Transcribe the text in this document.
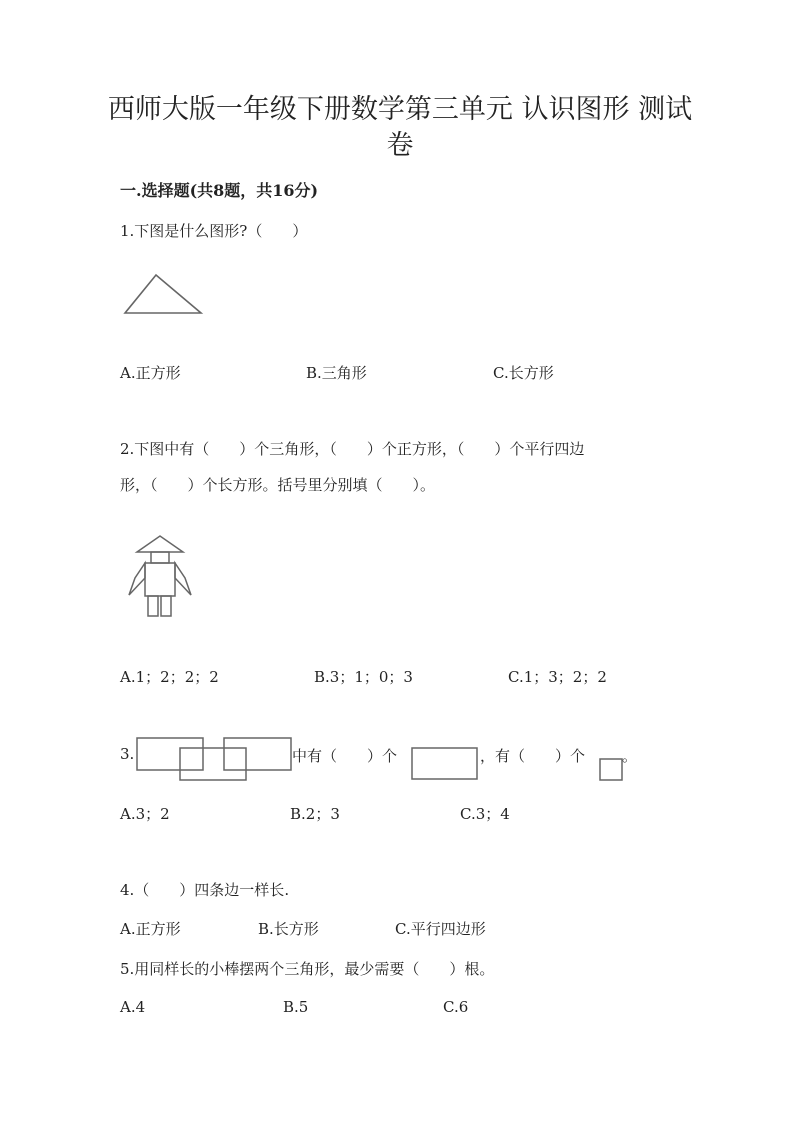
西师大版一年级下册数学第三单元 认识图形 测试卷
一.选择题(共8题，共16分)
1.下图是什么图形?（　　）
A.正方形	B.三角形	C.长方形
2.下图中有（　　）个三角形，（　　）个正方形，（　　）个平行四边
形，（　　）个长方形。括号里分别填（　　）。
A.1；2；2；2	B.3；1；0；3	C.1；3；2；2
3.	中有（　　）个	，有（　　）个 。
A.3；2	B.2；3	C.3；4
4.（　　）四条边一样长.
A.正方形	B.长方形	C.平行四边形
5.用同样长的小棒摆两个三角形，最少需要（　　）根。
A.4	B.5	C.6
